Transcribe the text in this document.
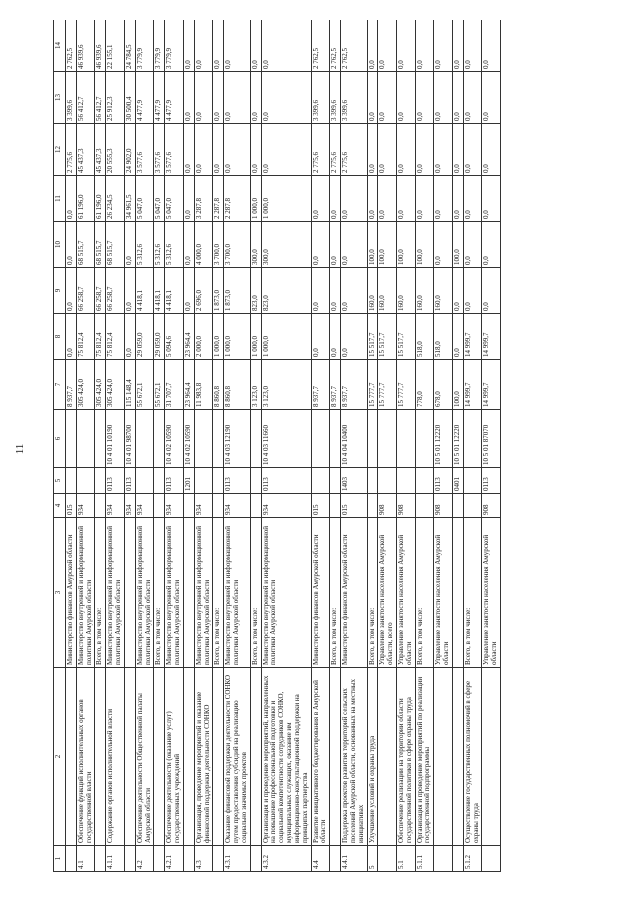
11
1	2	3	4	5	6	7	8	9	10	11	12	13	14
		Министерство финансов Амурской области	015			8 937,7	0,0	0,0	0,0	0,0	2 775,6	3 399,6	2 762,5
4.1	Обеспечение функций исполнительных органов государственной власти	Министерство внутренней и информационной политики Амурской области	934			305 424,0	75 812,4	66 258,7	68 515,7	61 196,0	45 437,3	56 412,7	46 939,6
		Всего, в том числе:				305 424,0	75 812,4	66 258,7	68 515,7	61 196,0	45 437,3	56 412,7	46 939,6
4.1.1	Содержание органов исполнительной власти	Министерство внутренней и информационной политики Амурской области	934	0113	10 4 01 10190	305 424,0	75 812,4	66 258,7	68 515,7	26 234,5	20 555,3	25 912,3	22 155,1
			934	0113	10 4 01 98700	115 148,4	0,0	0,0	0,0	34 961,5	24 902,0	30 500,4	24 784,5
4.2	Обеспечение деятельности Общественной палаты Амурской области	Министерство внутренней и информационной политики Амурской области	934			55 672,1	29 059,0	4 418,1	5 312,6	5 047,0	3 577,6	4 477,9	3 779,9
		Всего, в том числе:				55 672,1	29 059,0	4 418,1	5 312,6	5 047,0	3 577,6	4 477,9	3 779,9
4.2.1	Обеспечение деятельности (оказание услуг) государственных учреждений	Министерство внутренней и информационной политики Амурской области	934	0113	10 4 02 10590	31 707,7	5 094,6	4 418,1	5 312,6	5 047,0	3 577,6	4 477,9	3 779,9
				1201	10 4 02 10590	23 964,4	23 964,4	0,0	0,0	0,0	0,0	0,0	0,0
4.3	Организация, проведение мероприятий и оказание финансовой поддержки деятельности СОНКО	Министерство внутренней и информационной политики Амурской области	934			11 983,8	2 000,0	2 696,0	4 000,0	3 287,8	0,0	0,0	0,0
		Всего, в том числе:				8 860,8	1 000,0	1 873,0	3 700,0	2 287,8	0,0	0,0	0,0
4.3.1	Оказание финансовой поддержки деятельности СОНКО путем предоставления субсидий на реализацию социально значимых проектов	Министерство внутренней и информационной политики Амурской области	934	0113	10 4 03 12190	8 860,8	1 000,0	1 873,0	3 700,0	2 287,8	0,0	0,0	0,0
		Всего, в том числе:				3 123,0	1 000,0	823,0	300,0	1 000,0	0,0	0,0	0,0
4.3.2	Организация и проведение мероприятий, направленных на повышение профессиональной подготовки и социальной компетентности сотрудников СОНКО, муниципальных служащих, оказание им информационно-консультационной поддержки на принципах партнерства	Министерство внутренней и информационной политики Амурской области	934	0113	10 4 03 11660	3 123,0	1 000,0	823,0	300,0	1 000,0	0,0	0,0	0,0
4.4	Развитие инициативного бюджетирования в Амурской области	Министерство финансов Амурской области	015			8 937,7	0,0	0,0	0,0	0,0	2 775,6	3 399,6	2 762,5
		Всего, в том числе:				8 937,7	0,0	0,0	0,0	0,0	2 775,6	3 399,6	2 762,5
4.4.1	Поддержка проектов развития территорий сельских поселений Амурской области, основанных на местных инициативах	Министерство финансов Амурской области	015	1403	10 4 04 10400	8 937,7	0,0	0,0	0,0	0,0	2 775,6	3 399,6	2 762,5
5	Улучшение условий и охраны труда	Всего, в том числе:				15 777,7	15 517,7	160,0	100,0	0,0	0,0	0,0	0,0
		Управление занятости населения Амурской области, всего	908			15 777,7	15 517,7	160,0	100,0	0,0	0,0	0,0	0,0
5.1	Обеспечение реализации на территории области государственной политики в сфере охраны труда	Управление занятости населения Амурской области	908			15 777,7	15 517,7	160,0	100,0	0,0	0,0	0,0	0,0
5.1.1	Организация и проведение мероприятий по реализации государственной подпрограммы	Всего, в том числе:				778,0	518,0	160,0	100,0	0,0	0,0	0,0	0,0
		Управление занятости населения Амурской области	908	0113	10 5 01 12220	678,0	518,0	160,0	0,0	0,0	0,0	0,0	0,0
				0401	10 5 01 12220	100,0	0,0	0,0	100,0	0,0	0,0	0,0	0,0
5.1.2	Осуществление государственных полномочий в сфере охраны труда	Всего, в том числе:				14 999,7	14 999,7	0,0	0,0	0,0	0,0	0,0	0,0
		Управление занятости населения Амурской области	908	0113	10 5 01 87070	14 999,7	14 999,7	0,0	0,0	0,0	0,0	0,0	0,0
